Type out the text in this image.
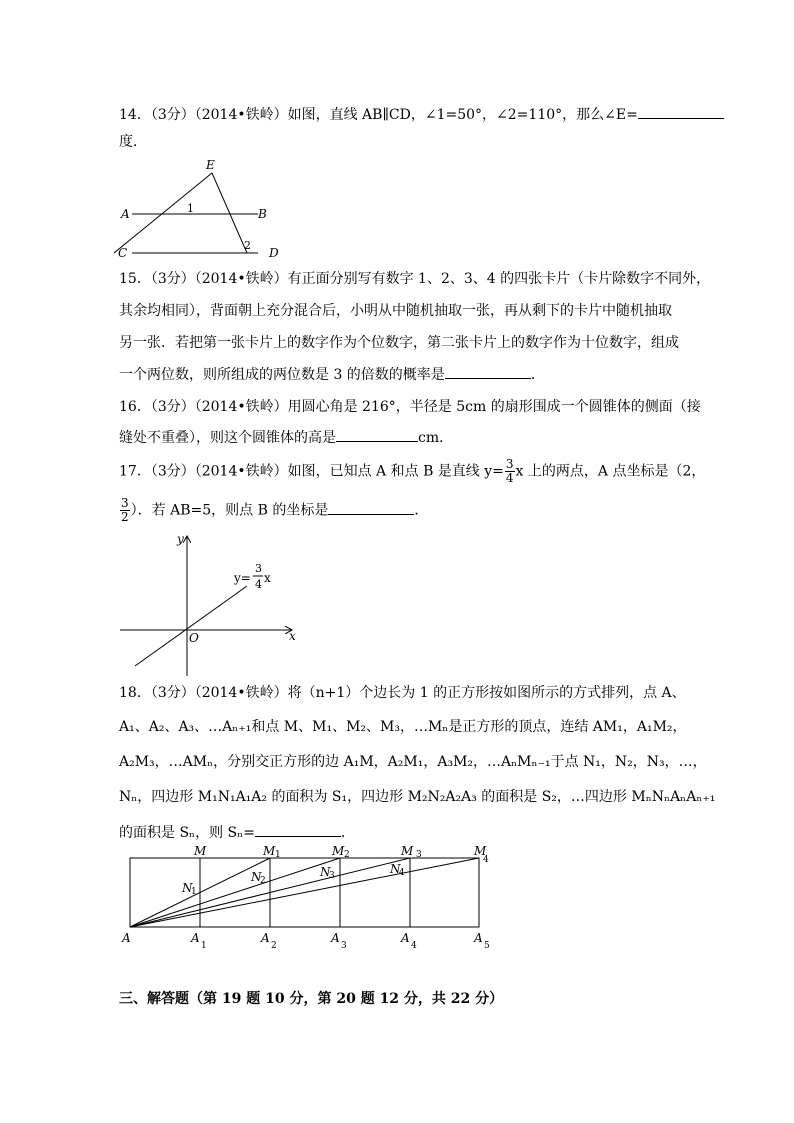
14．（3分）（2014•铁岭）如图，直线 AB∥CD，∠1=50°，∠2=110°，那么∠E=
度．
E
A	1	B
C
2
D
15．（3分）（2014•铁岭）有正面分别写有数字 1、2、3、4 的四张卡片（卡片除数字不同外，
其余均相同），背面朝上充分混合后，小明从中随机抽取一张，再从剩下的卡片中随机抽取
另一张．若把第一张卡片上的数字作为个位数字，第二张卡片上的数字作为十位数字，组成
一个两位数，则所组成的两位数是 3 的倍数的概率是	．
16．（3分）（2014•铁岭）用圆心角是 216°，半径是 5cm 的扇形围成一个圆锥体的侧面（接
缝处不重叠），则这个圆锥体的高是	cm．
17．（3分）（2014•铁岭）如图，已知点 A 和点 B 是直线 $y= \frac{3}{4}$ x 上的两点，A 点坐标是（2，
$\frac{3}{2}$ ）．若 AB=5，则点 B 的坐标是	．
y
x
O
y=
3
4 x
18．（3分）（2014•铁岭）将（n+1）个边长为 1 的正方形按如图所示的方式排列，点 A、
A₁、A₂、A₃、…Aₙ₊₁和点 M、M₁、M₂、M₃，…Mₙ是正方形的顶点，连结 AM₁，A₁M₂，
A₂M₃，…AMₙ，分别交正方形的边 A₁M，A₂M₁，A₃M₂，…AₙMₙ₋₁于点 N₁，N₂，N₃，…，
Nₙ，四边形 M₁N₁A₁A₂ 的面积为 S₁，四边形 M₂N₂A₂A₃ 的面积是 S₂，…四边形 MₙNₙAₙAₙ₊₁
的面积是 Sₙ，则 Sₙ=	．
M	M 1	M 2	M 3	M
4
N
1
N
2
N
3	N
4
A	A
1
A
2
A
3
A
4
A
5
三、解答题（第 19 题 10 分，第 20 题 12 分，共 22 分）
